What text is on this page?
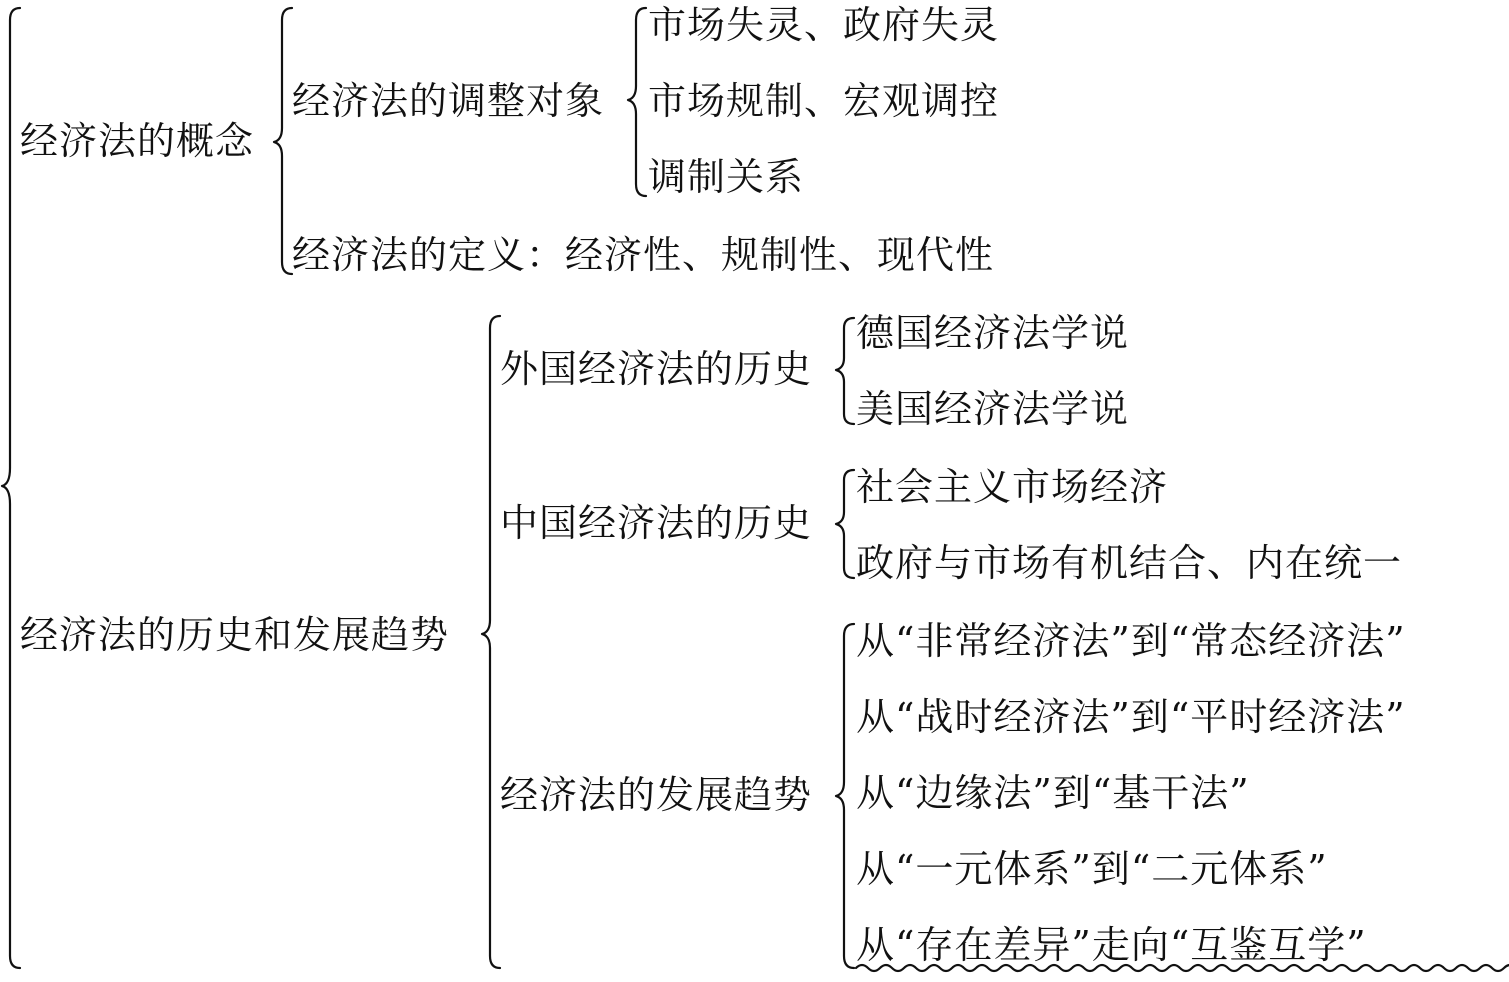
经济法的概念
经济法的历史和发展趋势
经济法的调整对象
经济法的定义：经济性、规制性、现代性
市场失灵、政府失灵
市场规制、宏观调控
调制关系
外国经济法的历史
中国经济法的历史
经济法的发展趋势
德国经济法学说
美国经济法学说
社会主义市场经济
政府与市场有机结合、内在统一
从“非常经济法”到“常态经济法”
从“战时经济法”到“平时经济法”
从“边缘法”到“基干法”
从“一元体系”到“二元体系”
从“存在差异”走向“互鉴互学”
